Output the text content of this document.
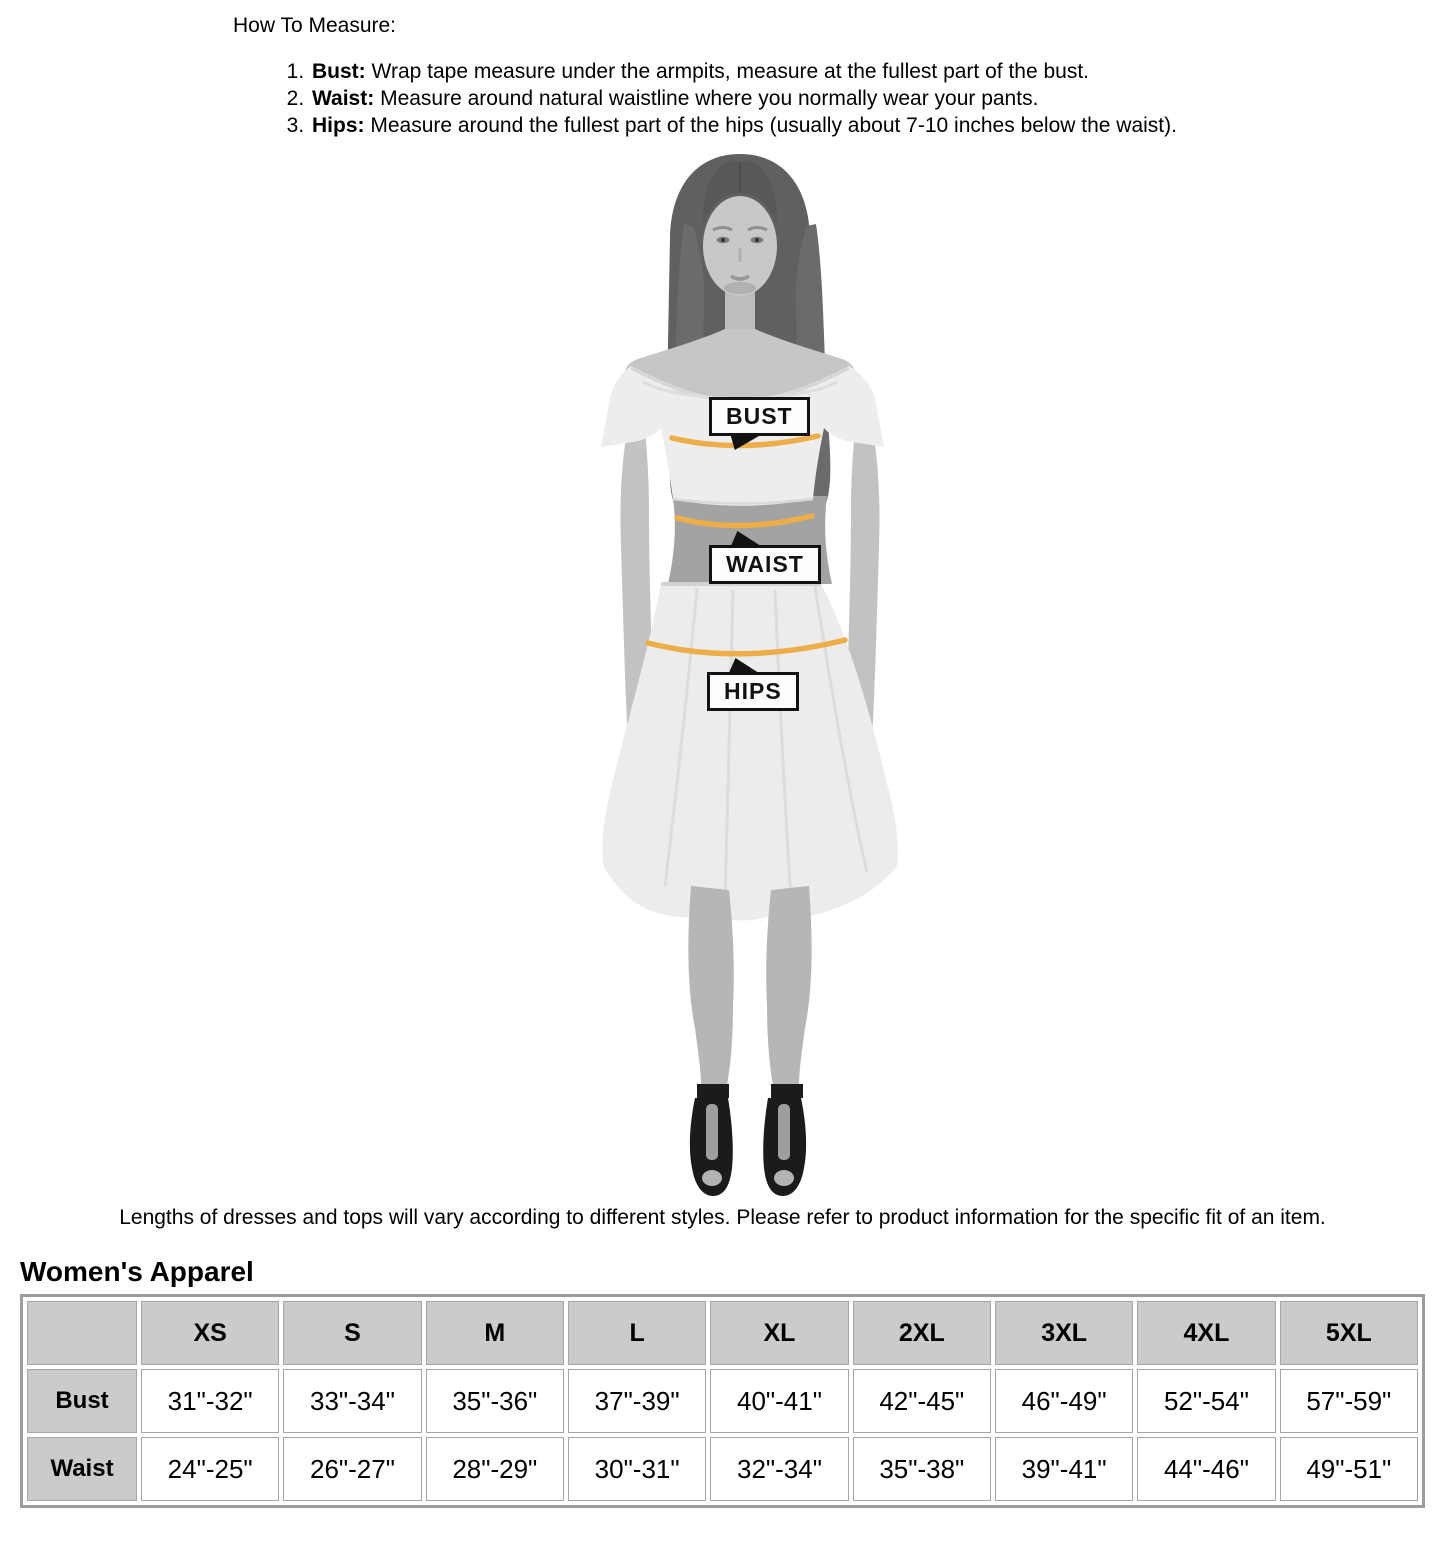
How To Measure:
1. Bust: Wrap tape measure under the armpits, measure at the fullest part of the bust.
2. Waist: Measure around natural waistline where you normally wear your pants.
3. Hips: Measure around the fullest part of the hips (usually about 7-10 inches below the waist).
BUST
WAIST
HIPS
Lengths of dresses and tops will vary according to different styles. Please refer to product information for the specific fit of an item.
Women's Apparel
	XS	S	M	L	XL	2XL	3XL	4XL	5XL
Bust	31"-32"	33"-34"	35"-36"	37"-39"	40"-41"	42"-45"	46"-49"	52"-54"	57"-59"
Waist	24"-25"	26"-27"	28"-29"	30"-31"	32"-34"	35"-38"	39"-41"	44"-46"	49"-51"
